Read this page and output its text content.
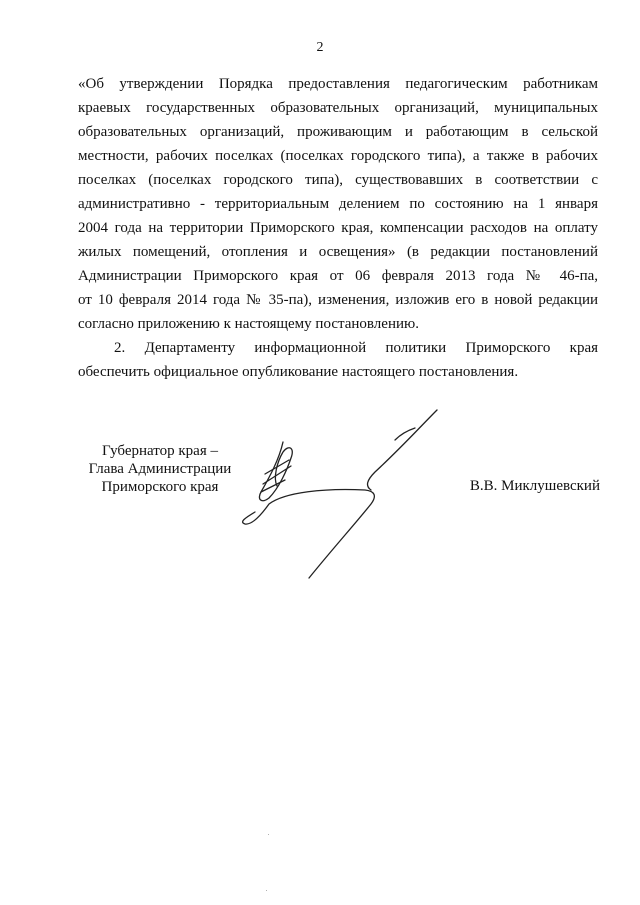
2
«Об утверждении Порядка предоставления педагогическим работникам
краевых государственных образовательных организаций, муниципальных
образовательных организаций, проживающим и работающим в сельской
местности, рабочих поселках (поселках городского типа), а также в рабочих
поселках (поселках городского типа), существовавших в соответствии с
административно - территориальным делением по состоянию на 1 января
2004 года на территории Приморского края, компенсации расходов на оплату
жилых помещений, отопления и освещения» (в редакции постановлений
Администрации Приморского края от 06 февраля 2013 года № 46-па,
от 10 февраля 2014 года № 35-па), изменения, изложив его в новой редакции
согласно приложению к настоящему постановлению.
2. Департаменту информационной политики Приморского края
обеспечить официальное опубликование настоящего постановления.
Губернатор края –
Глава Администрации
Приморского края	В.В. Миклушевский
